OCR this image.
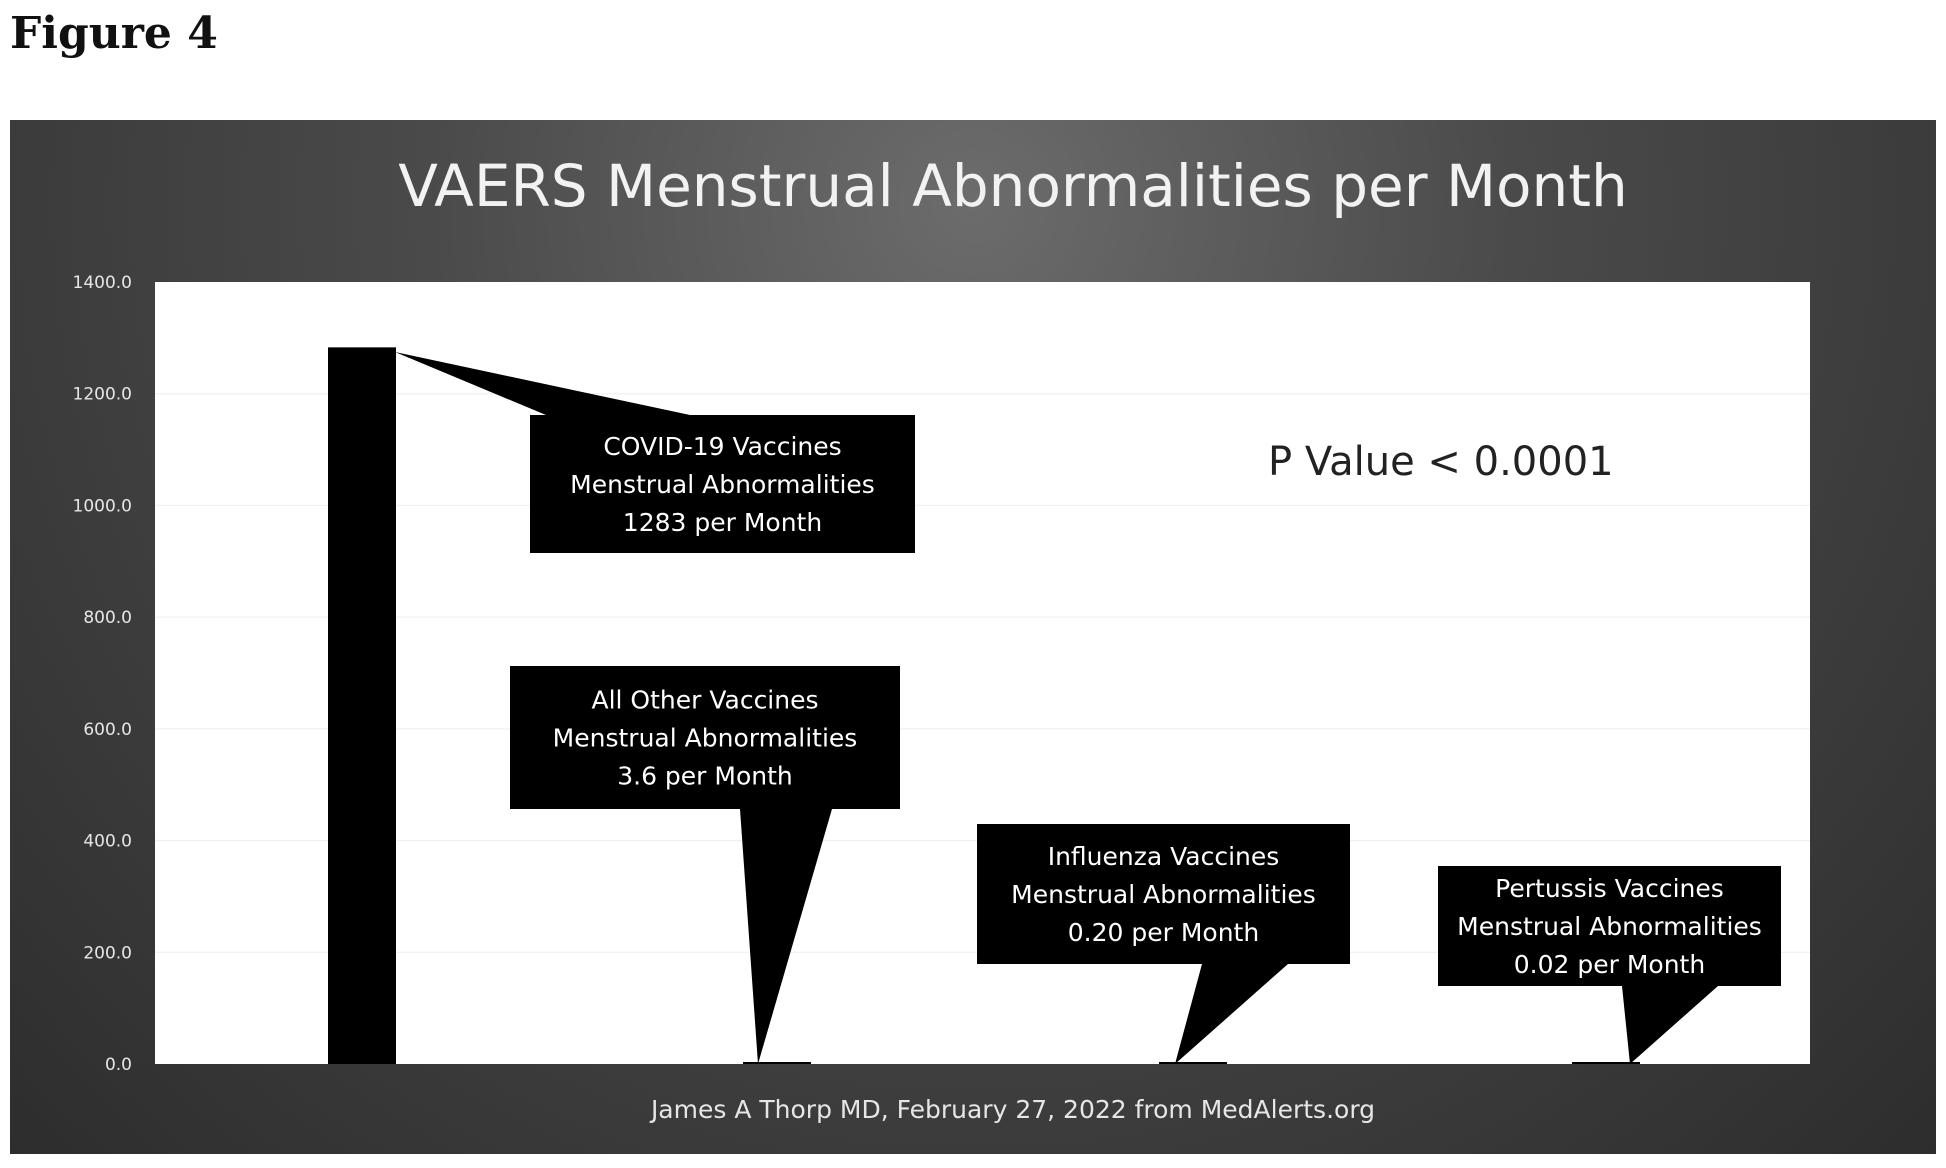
Figure 4
VAERS Menstrual Abnormalities per Month
0.0
200.0
400.0
600.0
800.0
1000.0
1200.0
1400.0
COVID-19 Vaccines
Menstrual Abnormalities
1283 per Month
All Other Vaccines
Menstrual Abnormalities
3.6 per Month
Influenza Vaccines
Menstrual Abnormalities
0.20 per Month
Pertussis Vaccines
Menstrual Abnormalities
0.02 per Month
P Value < 0.0001
James A Thorp MD, February 27, 2022 from MedAlerts.org
